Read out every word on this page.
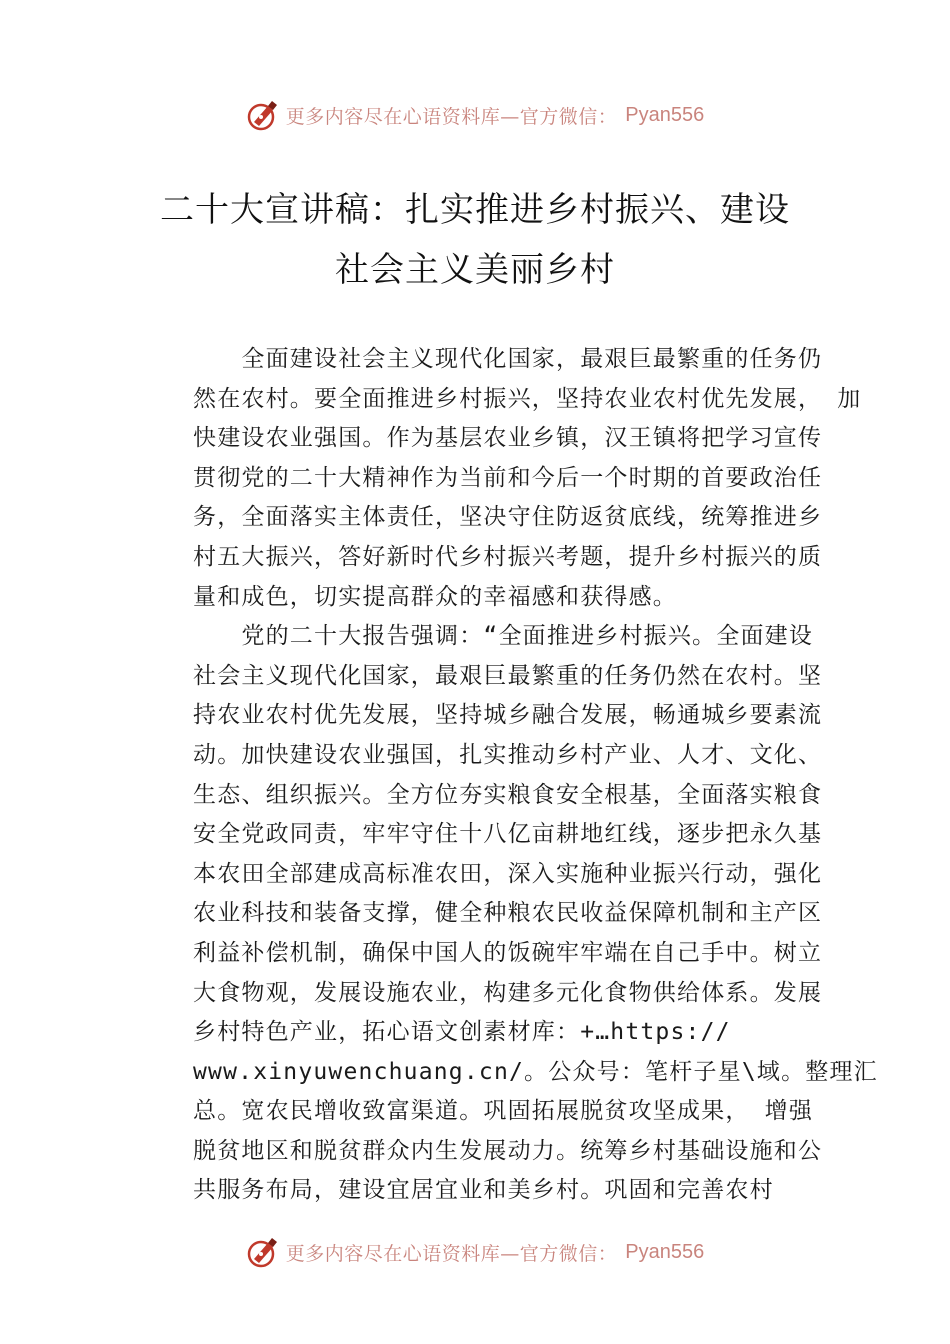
更多内容尽在心语资料库—官方微信： Pyan556
二十大宣讲稿：扎实推进乡村振兴、建设
社会主义美丽乡村
　　全面建设社会主义现代化国家，最艰巨最繁重的任务仍
然在农村。要全面推进乡村振兴，坚持农业农村优先发展， 加
快建设农业强国。作为基层农业乡镇，汉王镇将把学习宣传
贯彻党的二十大精神作为当前和今后一个时期的首要政治任
务，全面落实主体责任，坚决守住防返贫底线，统筹推进乡
村五大振兴，答好新时代乡村振兴考题，提升乡村振兴的质
量和成色，切实提高群众的幸福感和获得感。
　　党的二十大报告强调：“全面推进乡村振兴。全面建设
社会主义现代化国家，最艰巨最繁重的任务仍然在农村。坚
持农业农村优先发展，坚持城乡融合发展，畅通城乡要素流
动。加快建设农业强国，扎实推动乡村产业、人才、文化、
生态、组织振兴。全方位夯实粮食安全根基，全面落实粮食
安全党政同责，牢牢守住十八亿亩耕地红线，逐步把永久基
本农田全部建成高标准农田，深入实施种业振兴行动，强化
农业科技和装备支撑，健全种粮农民收益保障机制和主产区
利益补偿机制，确保中国人的饭碗牢牢端在自己手中。树立
大食物观，发展设施农业，构建多元化食物供给体系。发展
乡村特色产业，拓心语文创素材库：+…https://
www.xinyuwenchuang.cn/。公众号：笔杆子星\域。整理汇
总。宽农民增收致富渠道。巩固拓展脱贫攻坚成果， 增强
脱贫地区和脱贫群众内生发展动力。统筹乡村基础设施和公
共服务布局，建设宜居宜业和美乡村。巩固和完善农村
更多内容尽在心语资料库—官方微信： Pyan556
